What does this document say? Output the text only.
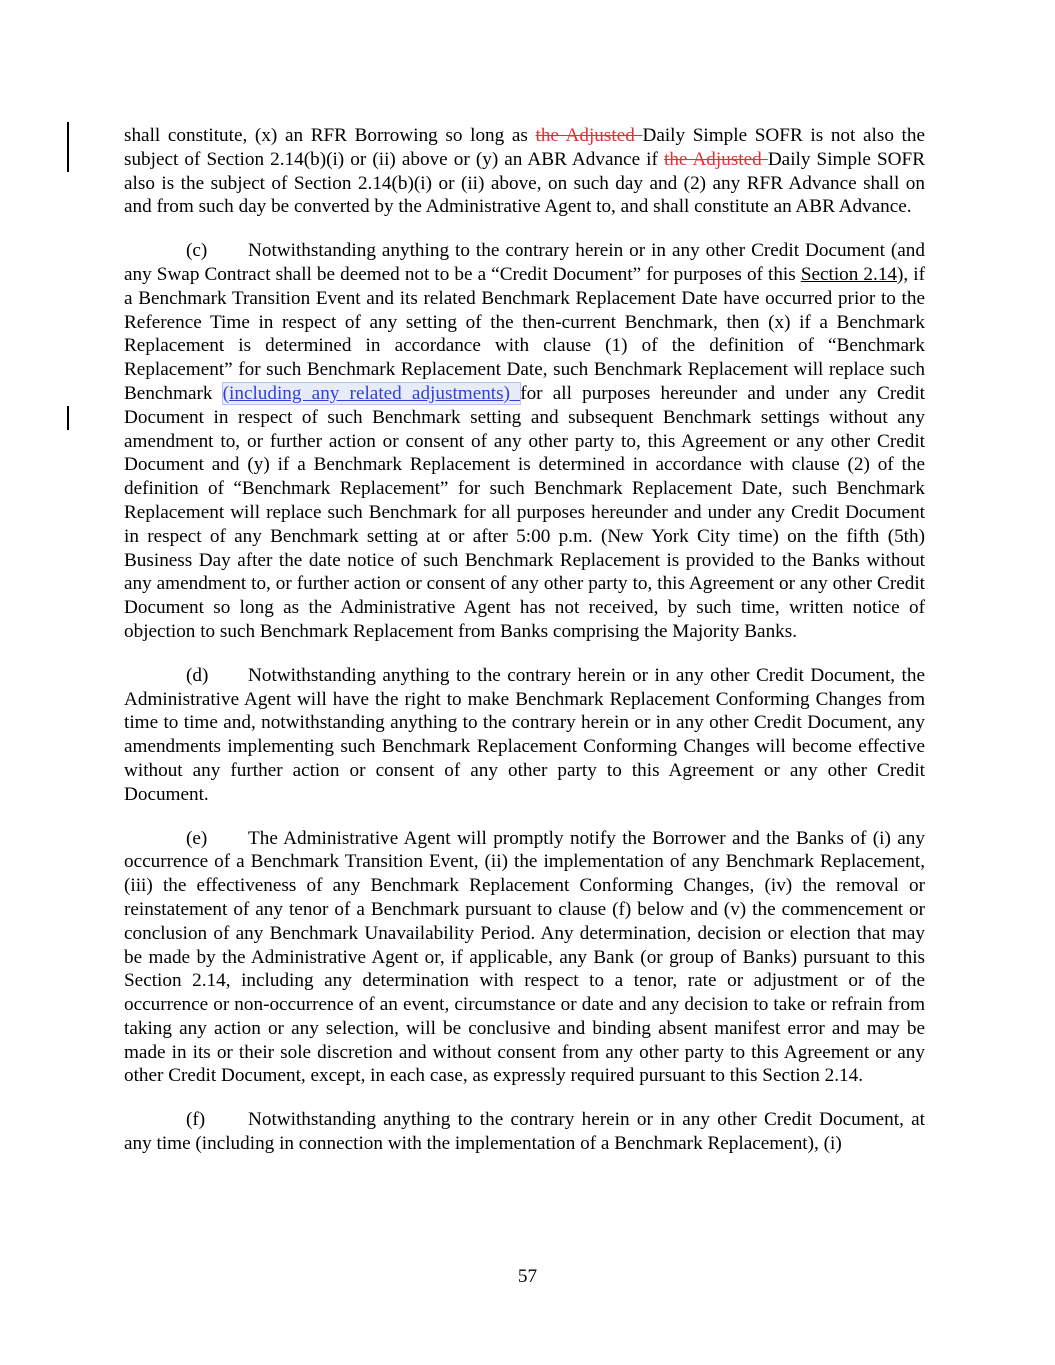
shall constitute, (x) an RFR Borrowing so long as the Adjusted Daily Simple SOFR is not also the subject of Section 2.14(b)(i) or (ii) above or (y) an ABR Advance if the Adjusted Daily Simple SOFR also is the subject of Section 2.14(b)(i) or (ii) above, on such day and (2) any RFR Advance shall on and from such day be converted by the Administrative Agent to, and shall constitute an ABR Advance.

(c) Notwithstanding anything to the contrary herein or in any other Credit Document (and any Swap Contract shall be deemed not to be a “Credit Document” for purposes of this Section 2.14), if a Benchmark Transition Event and its related Benchmark Replacement Date have occurred prior to the Reference Time in respect of any setting of the then-current Benchmark, then (x) if a Benchmark Replacement is determined in accordance with clause (1) of the definition of “Benchmark Replacement” for such Benchmark Replacement Date, such Benchmark Replacement will replace such Benchmark (including any related adjustments) for all purposes hereunder and under any Credit Document in respect of such Benchmark setting and subsequent Benchmark settings without any amendment to, or further action or consent of any other party to, this Agreement or any other Credit Document and (y) if a Benchmark Replacement is determined in accordance with clause (2) of the definition of “Benchmark Replacement” for such Benchmark Replacement Date, such Benchmark Replacement will replace such Benchmark for all purposes hereunder and under any Credit Document in respect of any Benchmark setting at or after 5:00 p.m. (New York City time) on the fifth (5th) Business Day after the date notice of such Benchmark Replacement is provided to the Banks without any amendment to, or further action or consent of any other party to, this Agreement or any other Credit Document so long as the Administrative Agent has not received, by such time, written notice of objection to such Benchmark Replacement from Banks comprising the Majority Banks.

(d) Notwithstanding anything to the contrary herein or in any other Credit Document, the Administrative Agent will have the right to make Benchmark Replacement Conforming Changes from time to time and, notwithstanding anything to the contrary herein or in any other Credit Document, any amendments implementing such Benchmark Replacement Conforming Changes will become effective without any further action or consent of any other party to this Agreement or any other Credit Document.

(e) The Administrative Agent will promptly notify the Borrower and the Banks of (i) any occurrence of a Benchmark Transition Event, (ii) the implementation of any Benchmark Replacement, (iii) the effectiveness of any Benchmark Replacement Conforming Changes, (iv) the removal or reinstatement of any tenor of a Benchmark pursuant to clause (f) below and (v) the commencement or conclusion of any Benchmark Unavailability Period. Any determination, decision or election that may be made by the Administrative Agent or, if applicable, any Bank (or group of Banks) pursuant to this Section 2.14, including any determination with respect to a tenor, rate or adjustment or of the occurrence or non-occurrence of an event, circumstance or date and any decision to take or refrain from taking any action or any selection, will be conclusive and binding absent manifest error and may be made in its or their sole discretion and without consent from any other party to this Agreement or any other Credit Document, except, in each case, as expressly required pursuant to this Section 2.14.

(f) Notwithstanding anything to the contrary herein or in any other Credit Document, at any time (including in connection with the implementation of a Benchmark Replacement), (i)

57
